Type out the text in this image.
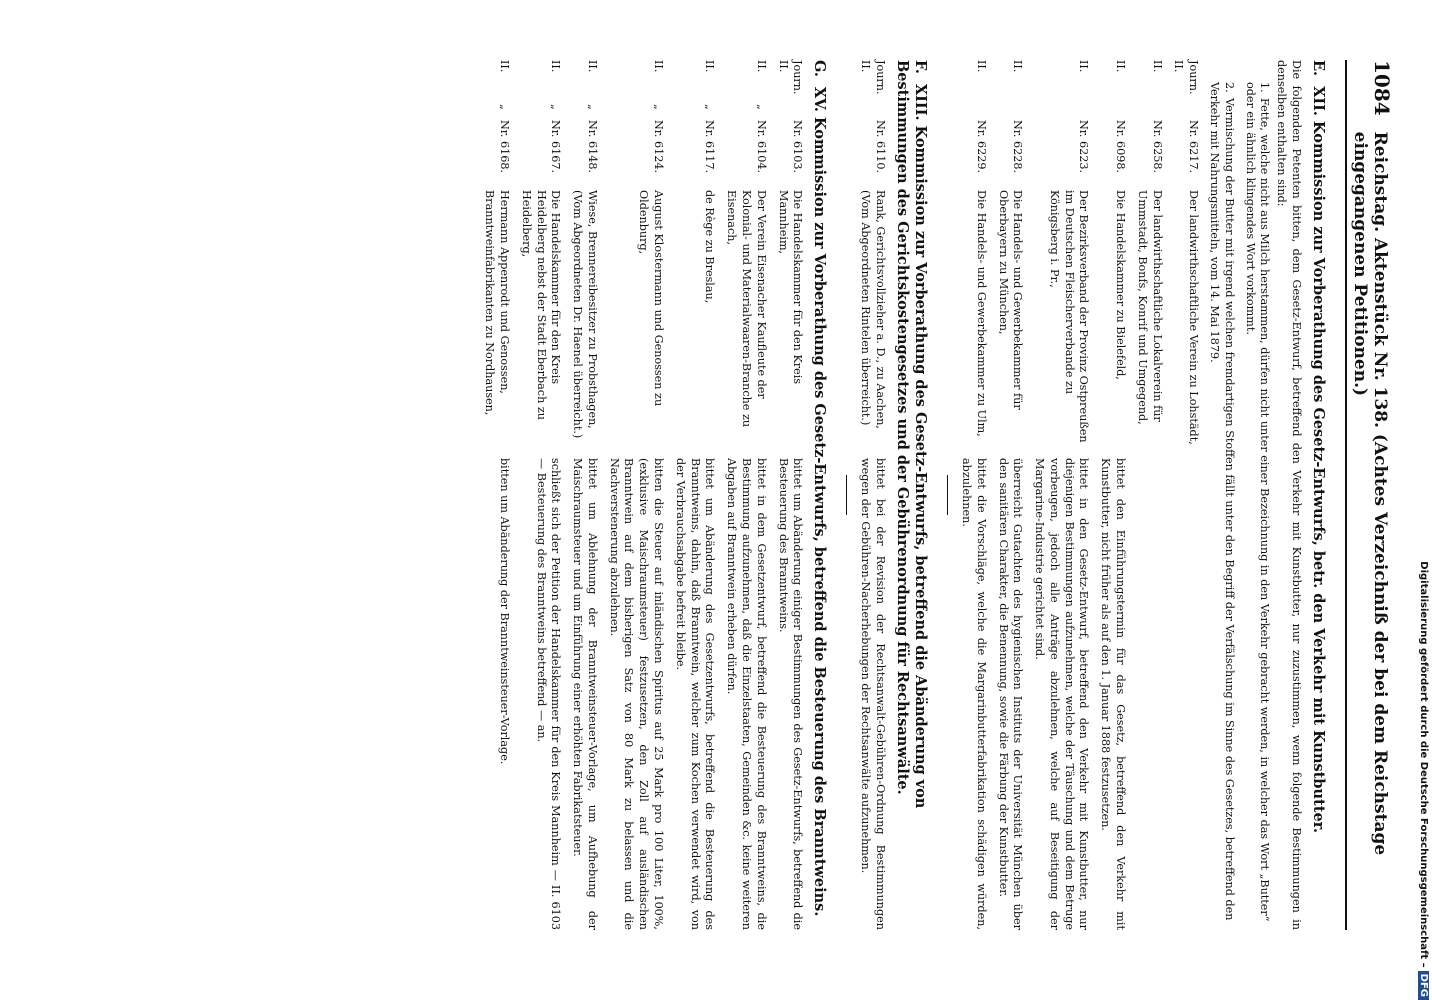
1084
Reichstag. Aktenstück Nr. 138. (Achtes Verzeichniß der bei dem Reichstage eingegangenen Petitionen.)
E.XII. Kommission zur Vorberathung des Gesetz-Entwurfs, betr. den Verkehr mit Kunstbutter.

Die folgenden Petenten bitten, dem Gesetz-Entwurf, betreffend den Verkehr mit Kunstbutter, nur zuzustimmen, wenn folgende Bestimmungen in denselben enthalten sind:

1.Fette, welche nicht aus Milch herstammen, dürfen nicht unter einer Bezeichnung in den Verkehr gebracht werden, in welcher das Wort „Butter“ oder ein ähnlich klingendes Wort vorkommt.
2.Vermischung der Butter mit irgend welchen fremdartigen Stoffen fällt unter den Begriff der Verfälschung im Sinne des Gesetzes, betreffend den Verkehr mit Nahrungsmitteln, vom 14. Mai 1879.
Journ. II.
Nr. 6217.
Der landwirthschaftliche Verein zu Lohstädt,
II.
Nr. 6258.
Der landwirthschaftliche Lokalverein für Ummstadt, Bonfs, Konrif und Umgegend,
II.
Nr. 6098.
Die Handelskammer zu Bielefeld,
bittet den Einführungstermin für das Gesetz, betreffend den Verkehr mit Kunstbutter, nicht früher als auf den 1. Januar 1888 festzusetzen.
II.
Nr. 6223.
Der Bezirksverband der Provinz Ostpreußen im Deutschen Fleischerverbande zu Königsberg i. Pr.,
bittet in den Gesetz-Entwurf, betreffend den Verkehr mit Kunstbutter, nur diejenigen Bestimmungen aufzunehmen, welche der Täuschung und dem Betruge vorbeugen, jedoch alle Anträge abzulehnen, welche auf Beseitigung der Margarine-Industrie gerichtet sind.
II.
Nr. 6228.
Die Handels- und Gewerbekammer für Oberbayern zu München,
überreicht Gutachten des hygienischen Instituts der Universität München über den sanitären Charakter, die Benennung, sowie die Färbung der Kunstbutter.
II.
Nr. 6229.
Die Handels- und Gewerbekammer zu Ulm,
bittet die Vorschläge, welche die Margarinbutterfabrikation schädigen würden, abzulehnen.
F.XIII. Kommission zur Vorberathung des Gesetz-Entwurfs, betreffend die Abänderung von Bestimmungen des Gerichtskostengesetzes und der Gebührenordnung für Rechtsanwälte.
Journ. II.
Nr. 6110.
Rank, Gerichtsvollzieher a. D., zu Aachen, (Vom Abgeordneten Rintelen überreicht.)
bittet bei der Revision der Rechtsanwalt-Gebühren-Ordnung Bestimmungen wegen der Gebühren-Nacherhebungen der Rechtsanwälte aufzunehmen.
G.XV. Kommission zur Vorberathung des Gesetz-Entwurfs, betreffend die Besteuerung des Branntweins.
Journ. II.
Nr. 6103.
Die Handelskammer für den Kreis Mannheim,
bittet um Abänderung einiger Bestimmungen des Gesetz-Entwurfs, betreffend die Besteuerung des Branntweins.
II.
„
Nr. 6104.
Der Verein Eisenacher Kaufleute der Kolonial- und Materialwaaren-Branche zu Eisenach,
bittet in dem Gesetzentwurf, betreffend die Besteuerung des Branntweins, die Bestimmung aufzunehmen, daß die Einzelstaaten, Gemeinden &c. keine weiteren Abgaben auf Branntwein erheben dürfen.
II.
„
Nr. 6117.
de Rège zu Breslau,
bittet um Abänderung des Gesetzentwurfs, betreffend die Besteuerung des Branntweins, dahin, daß Branntwein, welcher zum Kochen verwendet wird, von der Verbrauchsabgabe befreit bleibe.
II.
„
Nr. 6124.
August Klostermann und Genossen zu Oldenburg,
bitten die Steuer auf inländischen Spiritus auf 25 Mark pro 100 Liter, 100%, (exklusive Maischraumsteuer) festzusetzen, den Zoll auf ausländischen Branntwein auf dem bisherigen Satz von 80 Mark zu belassen und die Nachverstenerung abzulehnen.
II.
„
Nr. 6148.
Wiese, Brennereibesitzer zu Probsthagen, (Vom Abgeordneten Dr. Haenel überreicht.)
bittet um Ablehnung der Branntweinsteuer-Vorlage, um Aufhebung der Maischraumsteuer und um Einführung einer erhöhten Fabrikatsteuer.
II.
„
Nr. 6167.
Die Handelskammer für den Kreis Heidelberg nebst der Stadt Eberbach zu Heidelberg,
schließt sich der Petition der Handelskammer für den Kreis Mannheim — II. 6103 — Besteuerung des Branntweins betreffend — an.
II.
„
Nr. 6168.
Hermann Appenrodt und Genossen, Branntweinfabrikanten zu Nordhausen,
bitten um Abänderung der Branntweinsteuer-Vorlage.	Digitalisierung gefördert durch die Deutsche Forschungsgemeinschaft –DFG
